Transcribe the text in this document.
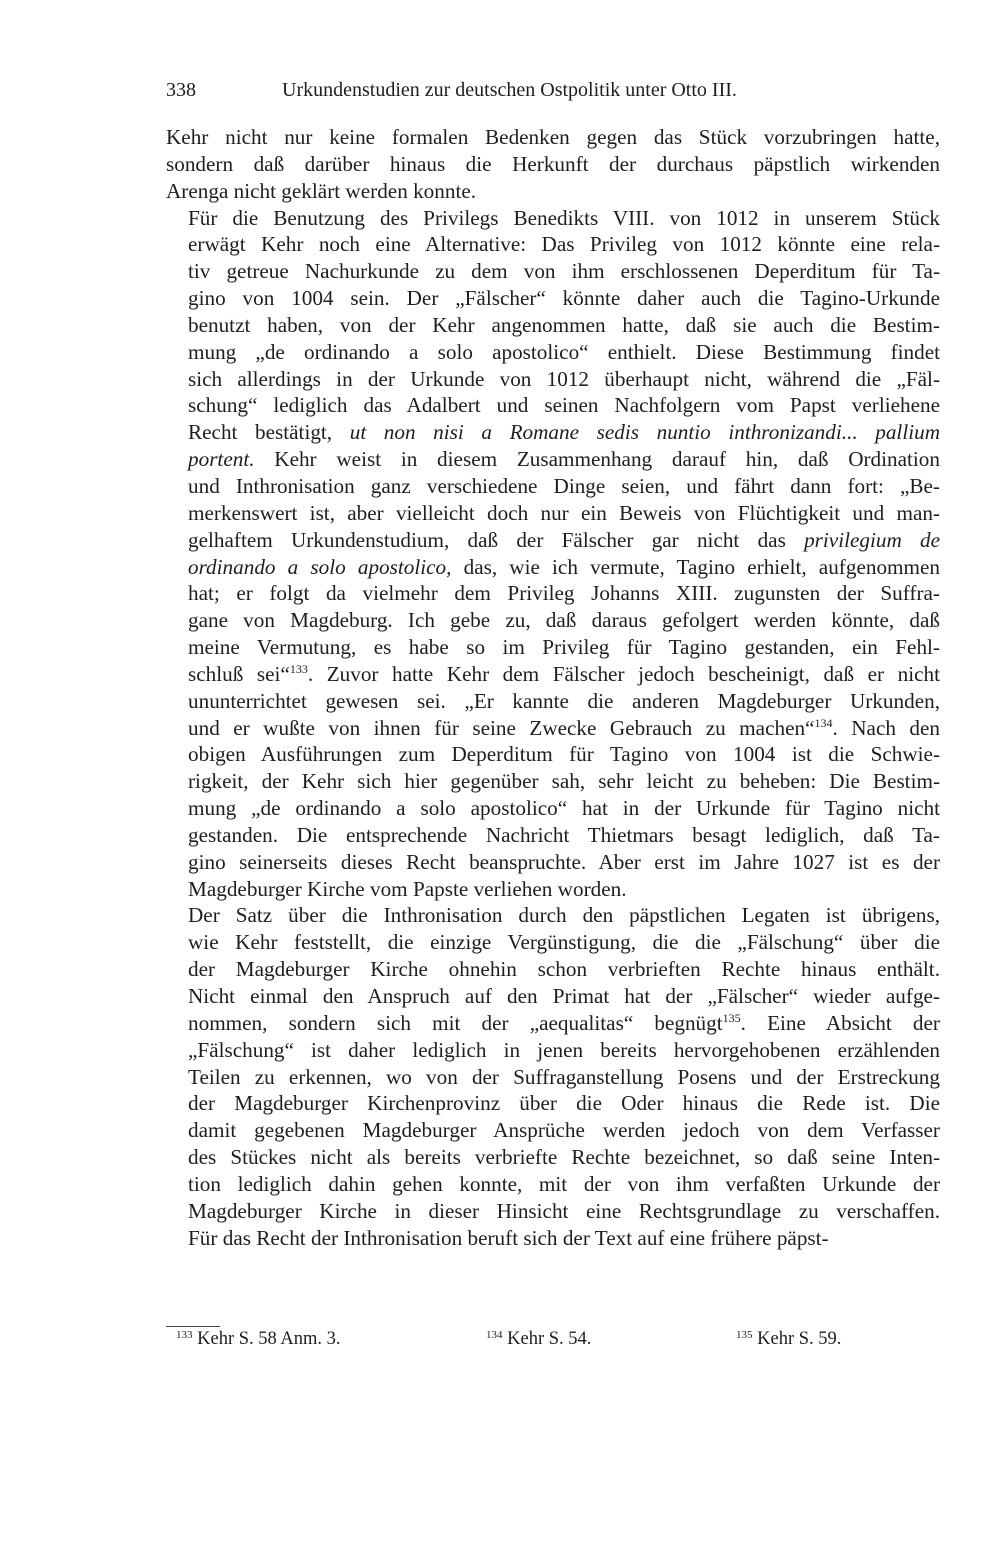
338	Urkundenstudien zur deutschen Ostpolitik unter Otto III.

Kehr nicht nur keine formalen Bedenken gegen das Stück vorzubringen hatte,
sondern daß darüber hinaus die Herkunft der durchaus päpstlich wirkenden
Arenga nicht geklärt werden konnte.

Für die Benutzung des Privilegs Benedikts VIII. von 1012 in unserem Stück
erwägt Kehr noch eine Alternative: Das Privileg von 1012 könnte eine rela-
tiv getreue Nachurkunde zu dem von ihm erschlossenen Deperditum für Ta-
gino von 1004 sein. Der „Fälscher“ könnte daher auch die Tagino-Urkunde
benutzt haben, von der Kehr angenommen hatte, daß sie auch die Bestim-
mung „de ordinando a solo apostolico“ enthielt. Diese Bestimmung findet
sich allerdings in der Urkunde von 1012 überhaupt nicht, während die „Fäl-
schung“ lediglich das Adalbert und seinen Nachfolgern vom Papst verliehene
Recht bestätigt, ut non nisi a Romane sedis nuntio inthronizandi... pallium
portent. Kehr weist in diesem Zusammenhang darauf hin, daß Ordination
und Inthronisation ganz verschiedene Dinge seien, und fährt dann fort: „Be-
merkenswert ist, aber vielleicht doch nur ein Beweis von Flüchtigkeit und man-
gelhaftem Urkundenstudium, daß der Fälscher gar nicht das privilegium de
ordinando a solo apostolico, das, wie ich vermute, Tagino erhielt, aufgenommen
hat; er folgt da vielmehr dem Privileg Johanns XIII. zugunsten der Suffra-
gane von Magdeburg. Ich gebe zu, daß daraus gefolgert werden könnte, daß
meine Vermutung, es habe so im Privileg für Tagino gestanden, ein Fehl-
schluß sei“$^{133}$. Zuvor hatte Kehr dem Fälscher jedoch bescheinigt, daß er nicht
ununterrichtet gewesen sei. „Er kannte die anderen Magdeburger Urkunden,
und er wußte von ihnen für seine Zwecke Gebrauch zu machen“$^{134}$. Nach den
obigen Ausführungen zum Deperditum für Tagino von 1004 ist die Schwie-
rigkeit, der Kehr sich hier gegenüber sah, sehr leicht zu beheben: Die Bestim-
mung „de ordinando a solo apostolico“ hat in der Urkunde für Tagino nicht
gestanden. Die entsprechende Nachricht Thietmars besagt lediglich, daß Ta-
gino seinerseits dieses Recht beanspruchte. Aber erst im Jahre 1027 ist es der
Magdeburger Kirche vom Papste verliehen worden.

Der Satz über die Inthronisation durch den päpstlichen Legaten ist übrigens,
wie Kehr feststellt, die einzige Vergünstigung, die die „Fälschung“ über die
der Magdeburger Kirche ohnehin schon verbrieften Rechte hinaus enthält.
Nicht einmal den Anspruch auf den Primat hat der „Fälscher“ wieder aufge-
nommen, sondern sich mit der „aequalitas“ begnügt$^{135}$. Eine Absicht der
„Fälschung“ ist daher lediglich in jenen bereits hervorgehobenen erzählenden
Teilen zu erkennen, wo von der Suffraganstellung Posens und der Erstreckung
der Magdeburger Kirchenprovinz über die Oder hinaus die Rede ist. Die
damit gegebenen Magdeburger Ansprüche werden jedoch von dem Verfasser
des Stückes nicht als bereits verbriefte Rechte bezeichnet, so daß seine Inten-
tion lediglich dahin gehen konnte, mit der von ihm verfaßten Urkunde der
Magdeburger Kirche in dieser Hinsicht eine Rechtsgrundlage zu verschaffen.
Für das Recht der Inthronisation beruft sich der Text auf eine frühere päpst-

$^{133}$ Kehr S. 58 Anm. 3.	$^{134}$ Kehr S. 54.	$^{135}$ Kehr S. 59.
